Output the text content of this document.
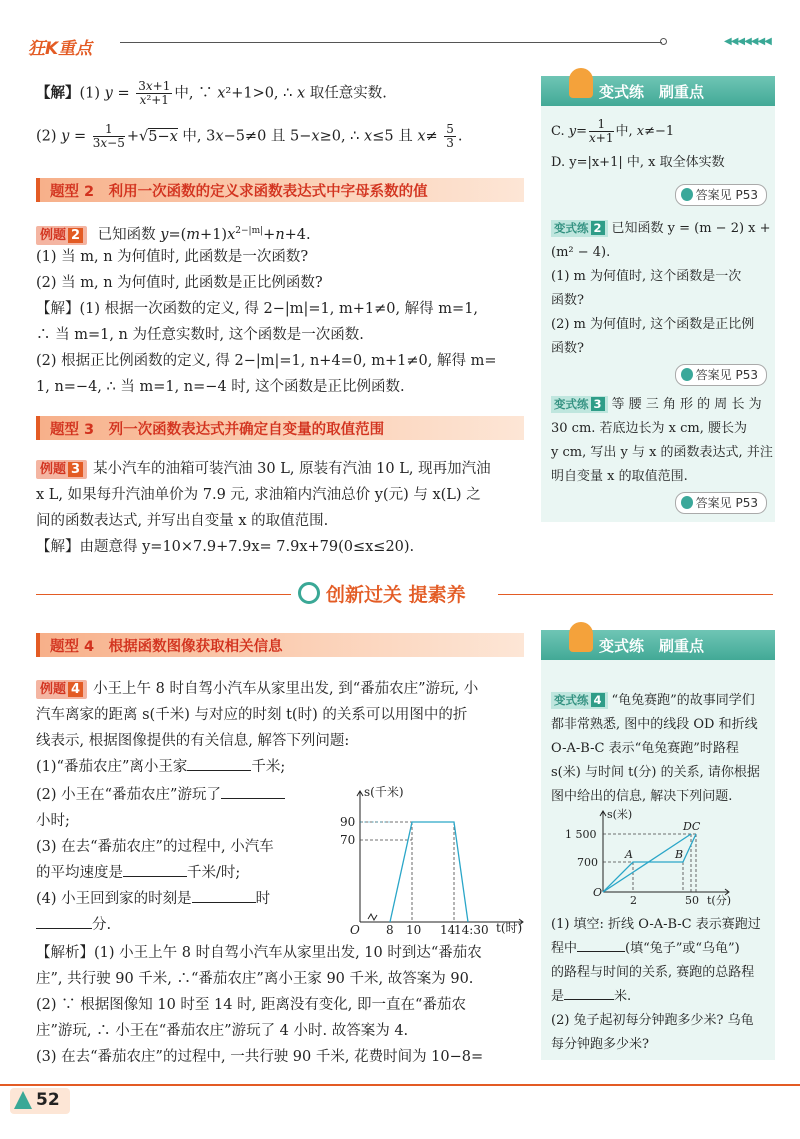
狂K重点	◀◀◀◀◀◀◀
【解】(1) $y = \frac{3x+1}{\text{x²+1}}$ 中, ∵ x²+1>0, ∴ x 取任意实数.
(2) $y = \frac{1}{3x-5} +√5-x$ 中, 3x−5≠0 且 5−x≥0, ∴ x≤5 且 $x\ne \frac{5}{3}$ .
题型 2　利用一次函数的定义求函数表达式中字母系数的值
例题 2 已知函数 $y=(m+1)x^{2-|m|}+n+4$.
(1) 当 m, n 为何值时, 此函数是一次函数?
(2) 当 m, n 为何值时, 此函数是正比例函数?
【解】(1) 根据一次函数的定义, 得 2−|m|=1, m+1≠0, 解得 m=1,
∴ 当 m=1, n 为任意实数时, 这个函数是一次函数.
(2) 根据正比例函数的定义, 得 2−|m|=1, n+4=0, m+1≠0, 解得 m=
1, n=−4, ∴ 当 m=1, n=−4 时, 这个函数是正比例函数.
题型 3　列一次函数表达式并确定自变量的取值范围
例题 3 某小汽车的油箱可装汽油 30 L, 原装有汽油 10 L, 现再加汽油
x L, 如果每升汽油单价为 7.9 元, 求油箱内汽油总价 y(元) 与 x(L) 之
间的函数表达式, 并写出自变量 x 的取值范围.
【解】由题意得 y=10×7.9+7.9x= 7.9x+79(0≤x≤20).
创新过关 提素养
题型 4　根据函数图像获取相关信息
例题 4 小王上午 8 时自驾小汽车从家里出发, 到“番茄农庄”游玩, 小
汽车离家的距离 s(千米) 与对应的时刻 t(时) 的关系可以用图中的折
线表示, 根据图像提供的有关信息, 解答下列问题:
(1)“番茄农庄”离小王家	千米;
(2) 小王在“番茄农庄”游玩了
小时;
(3) 在去“番茄农庄”的过程中, 小汽车
的平均速度是	千米/时;
(4) 小王回到家的时刻是	时
分.
s(千米)
t(时)
90
70
O 8 10 14
14:30
【解析】(1) 小王上午 8 时自驾小汽车从家里出发, 10 时到达“番茄农
庄”, 共行驶 90 千米, ∴“番茄农庄”离小王家 90 千米, 故答案为 90.
(2) ∵ 根据图像知 10 时至 14 时, 距离没有变化, 即一直在“番茄农
庄”游玩, ∴ 小王在“番茄农庄”游玩了 4 小时. 故答案为 4.
(3) 在去“番茄农庄”的过程中, 一共行驶 90 千米, 花费时间为 10−8=
变式练　刷重点
C. $y= \frac{1}{x+1}$ 中, x≠−1
D. y=|x+1| 中, x 取全体实数
答案见 P53
变式练 2 已知函数 y = (m − 2) x +
(m² − 4).
(1) m 为何值时, 这个函数是一次
函数?
(2) m 为何值时, 这个函数是正比例
函数?
答案见 P53
变式练 3 等 腰 三 角 形 的 周 长 为
30 cm. 若底边长为 x cm, 腰长为
y cm, 写出 y 与 x 的函数表达式, 并注
明自变量 x 的取值范围.
答案见 P53
变式练　刷重点
变式练 4 “龟兔赛跑”的故事同学们
都非常熟悉, 图中的线段 OD 和折线
O-A-B-C 表示“龟兔赛跑”时路程
s(米) 与时间 t(分) 的关系, 请你根据
图中给出的信息, 解决下列问题.
s(米)
t(分)
1 500
700
O
2	50
A	B
DC
(1) 填空: 折线 O-A-B-C 表示赛跑过
程中	(填“兔子”或“乌龟”)
的路程与时间的关系, 赛跑的总路程
是	米.
(2) 兔子起初每分钟跑多少米? 乌龟
每分钟跑多少米?
52
